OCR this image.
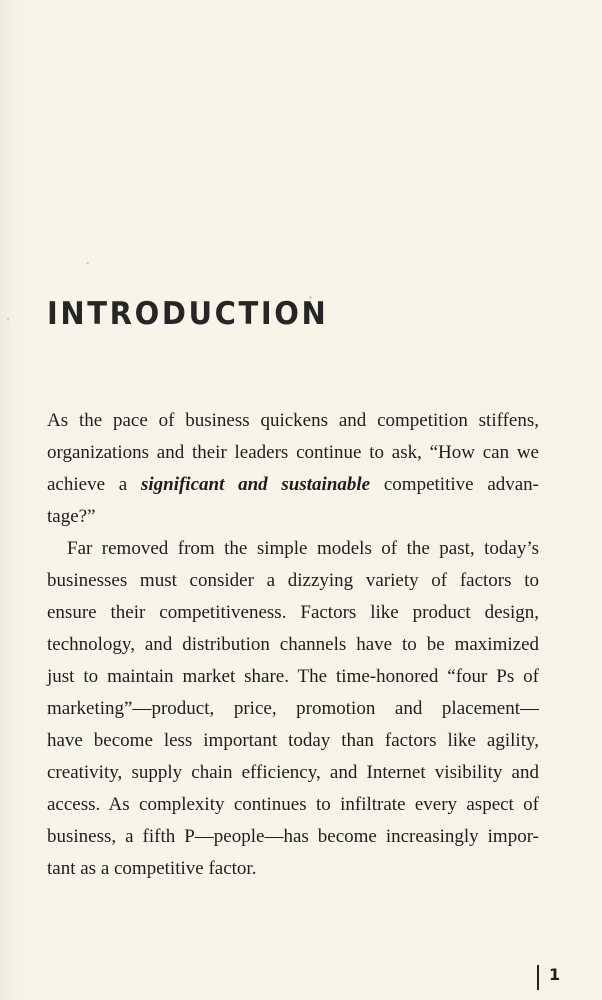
INTRODUCTION
As the pace of business quickens and competition stiffens,
organizations and their leaders continue to ask, “How can we
achieve a significant and sustainable competitive advan-
tage?”
Far removed from the simple models of the past, today’s
businesses must consider a dizzying variety of factors to
ensure their competitiveness. Factors like product design,
technology, and distribution channels have to be maximized
just to maintain market share. The time-honored “four Ps of
marketing”—product, price, promotion and placement—
have become less important today than factors like agility,
creativity, supply chain efficiency, and Internet visibility and
access. As complexity continues to infiltrate every aspect of
business, a fifth P—people—has become increasingly impor-
tant as a competitive factor.
1
